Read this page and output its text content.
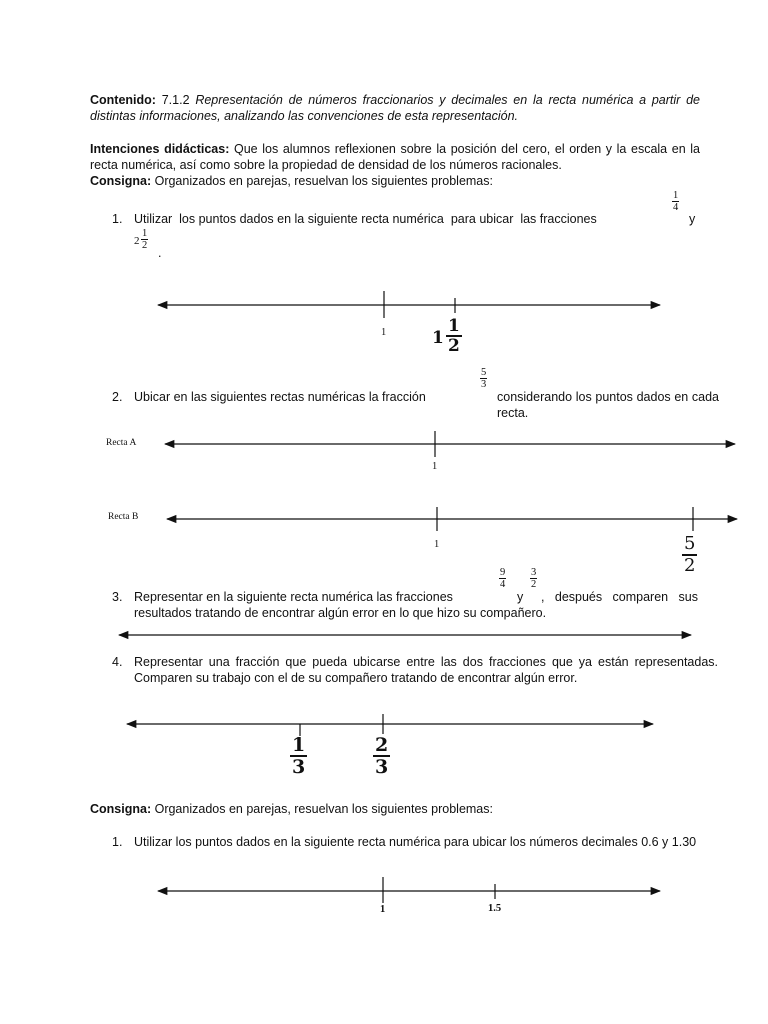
Contenido: 7.1.2 Representación de números fraccionarios y decimales en la recta numérica a partir de distintas informaciones, analizando las convenciones de esta representación.
Intenciones didácticas: Que los alumnos reflexionen sobre la posición del cero, el orden y la escala en la recta numérica, así como sobre la propiedad de densidad de los números racionales.
Consigna: Organizados en parejas, resuelvan los siguientes problemas:
1. Utilizar  los puntos dados en la siguiente recta numérica  para ubicar  las fracciones
$\frac{1}{4}$
y
$2 \frac{1}{2}$
.
1	1
1
2
2. Ubicar en las siguientes rectas numéricas la fracción
$\frac{5}{3}$
considerando los puntos dados en cada recta.
Recta A
1
Recta B
1	5
2
3. Representar en la siguiente recta numérica las fracciones
$\frac{9}{4}$
y
$\frac{3}{2}$
, después comparen sus resultados tratando de encontrar algún error en lo que hizo su compañero.
4. Representar una fracción que pueda ubicarse entre las dos fracciones que ya están representadas. Comparen su trabajo con el de su compañero tratando de encontrar algún error.
1
3
2
3
Consigna: Organizados en parejas, resuelvan los siguientes problemas:
1. Utilizar los puntos dados en la siguiente recta numérica para ubicar los números decimales 0.6 y 1.30
1	1.5
